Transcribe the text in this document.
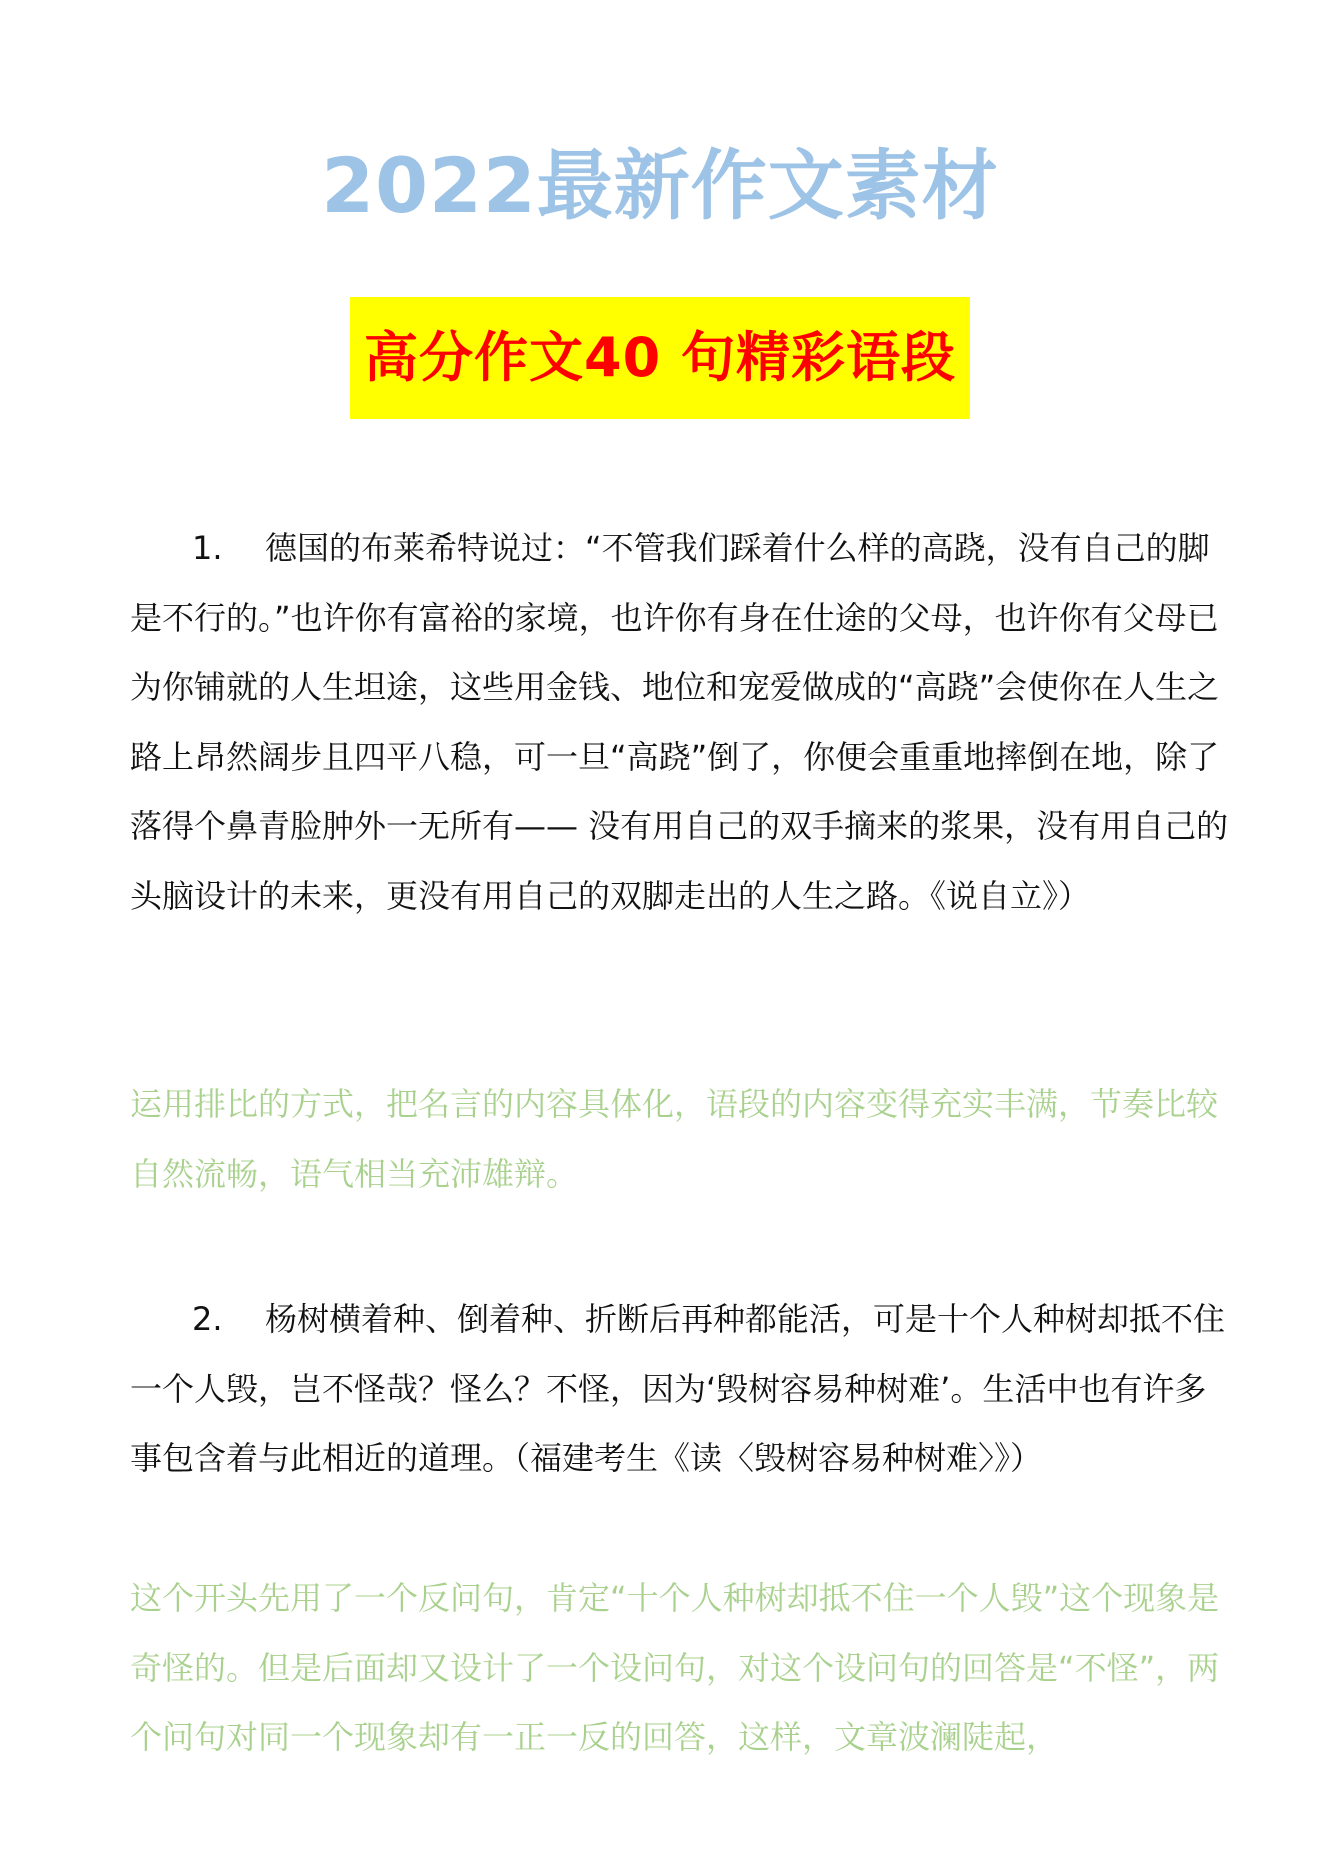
2022最新作文素材
高分作文40 句精彩语段

1. 德国的布莱希特说过：“不管我们踩着什么样的高跷，没有自己的脚是不行的。”也许你有富裕的家境，也许你有身在仕途的父母，也许你有父母已为你铺就的人生坦途，这些用金钱、地位和宠爱做成的“高跷”会使你在人生之路上昂然阔步且四平八稳，可一旦“高跷”倒了，你便会重重地摔倒在地，除了落得个鼻青脸肿外一无所有—— 没有用自己的双手摘来的浆果，没有用自己的头脑设计的未来，更没有用自己的双脚走出的人生之路。《说自立》）

运用排比的方式，把名言的内容具体化，语段的内容变得充实丰满，节奏比较自然流畅，语气相当充沛雄辩。

2. 杨树横着种、倒着种、折断后再种都能活，可是十个人种树却抵不住一个人毁，岂不怪哉？怪么？不怪，因为‘毁树容易种树难’。生活中也有许多事包含着与此相近的道理。（福建考生《读〈毁树容易种树难〉》）

这个开头先用了一个反问句，肯定“十个人种树却抵不住一个人毁”这个现象是奇怪的。但是后面却又设计了一个设问句，对这个设问句的回答是“不怪”，两个问句对同一个现象却有一正一反的回答，这样，文章波澜陡起，
